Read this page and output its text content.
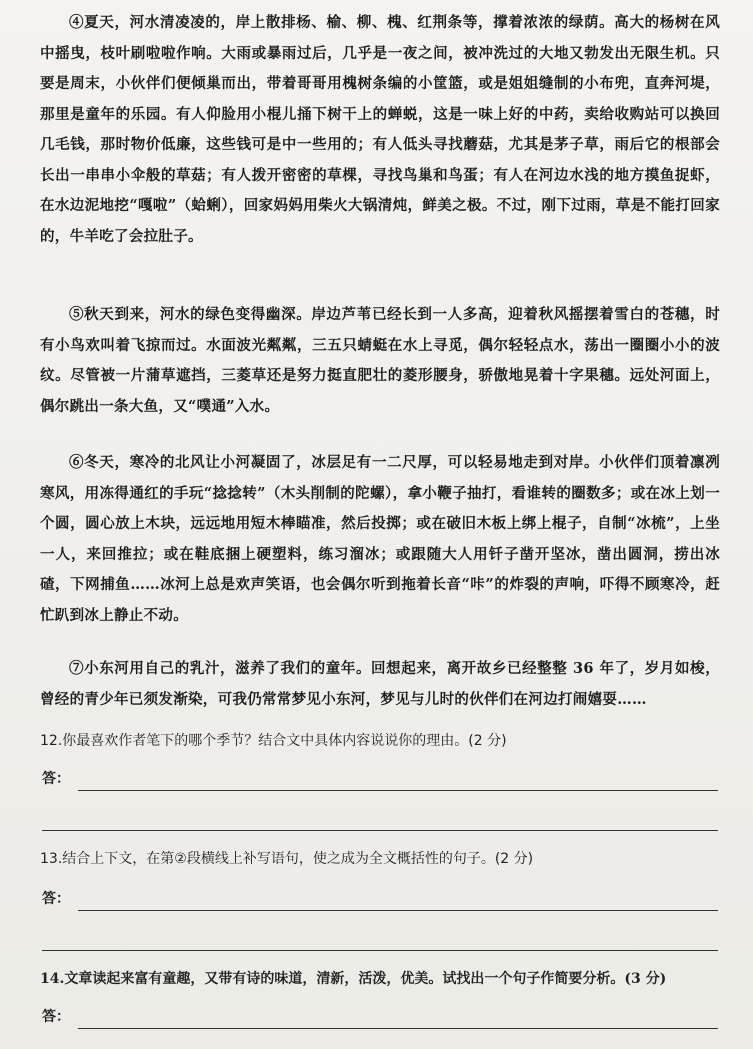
④夏天，河水清凌凌的，岸上散排杨、榆、柳、槐、红荆条等，撑着浓浓的绿荫。高大的杨树在风中摇曳，枝叶刷啦啦作响。大雨或暴雨过后，几乎是一夜之间，被冲洗过的大地又勃发出无限生机。只要是周末，小伙伴们便倾巢而出，带着哥哥用槐树条编的小筐篮，或是姐姐缝制的小布兜，直奔河堤，那里是童年的乐园。有人仰脸用小棍儿捅下树干上的蝉蜕，这是一味上好的中药，卖给收购站可以换回几毛钱，那时物价低廉，这些钱可是中一些用的；有人低头寻找蘑菇，尤其是茅子草，雨后它的根部会长出一串串小伞般的草菇；有人拨开密密的草棵，寻找鸟巢和鸟蛋；有人在河边水浅的地方摸鱼捉虾，在水边泥地挖“嘎啦”（蛤蜊），回家妈妈用柴火大锅清炖，鲜美之极。不过，刚下过雨，草是不能打回家的，牛羊吃了会拉肚子。
⑤秋天到来，河水的绿色变得幽深。岸边芦苇已经长到一人多高，迎着秋风摇摆着雪白的苍穗，时有小鸟欢叫着飞掠而过。水面波光粼粼，三五只蜻蜓在水上寻觅，偶尔轻轻点水，荡出一圈圈小小的波纹。尽管被一片蒲草遮挡，三菱草还是努力挺直肥壮的菱形腰身，骄傲地晃着十字果穗。远处河面上，偶尔跳出一条大鱼，又“噗通”入水。
⑥冬天，寒冷的北风让小河凝固了，冰层足有一二尺厚，可以轻易地走到对岸。小伙伴们顶着凛冽寒风，用冻得通红的手玩“捻捻转”（木头削制的陀螺），拿小鞭子抽打，看谁转的圈数多；或在冰上划一个圆，圆心放上木块，远远地用短木棒瞄准，然后投掷；或在破旧木板上绑上棍子，自制“冰梳”，上坐一人，来回推拉；或在鞋底捆上硬塑料，练习溜冰；或跟随大人用钎子凿开坚冰，凿出圆洞，捞出冰碴，下网捕鱼……冰河上总是欢声笑语，也会偶尔听到拖着长音“咔”的炸裂的声响，吓得不顾寒冷，赶忙趴到冰上静止不动。
⑦小东河用自己的乳汁，滋养了我们的童年。回想起来，离开故乡已经整整 36 年了，岁月如梭，曾经的青少年已须发渐染，可我仍常常梦见小东河，梦见与儿时的伙伴们在河边打闹嬉耍……
12.你最喜欢作者笔下的哪个季节？结合文中具体内容说说你的理由。(2 分)
答：
13.结合上下文，在第②段横线上补写语句，使之成为全文概括性的句子。(2 分)
答：
14.文章读起来富有童趣，又带有诗的味道，清新，活泼，优美。试找出一个句子作简要分析。(3 分)
答：
